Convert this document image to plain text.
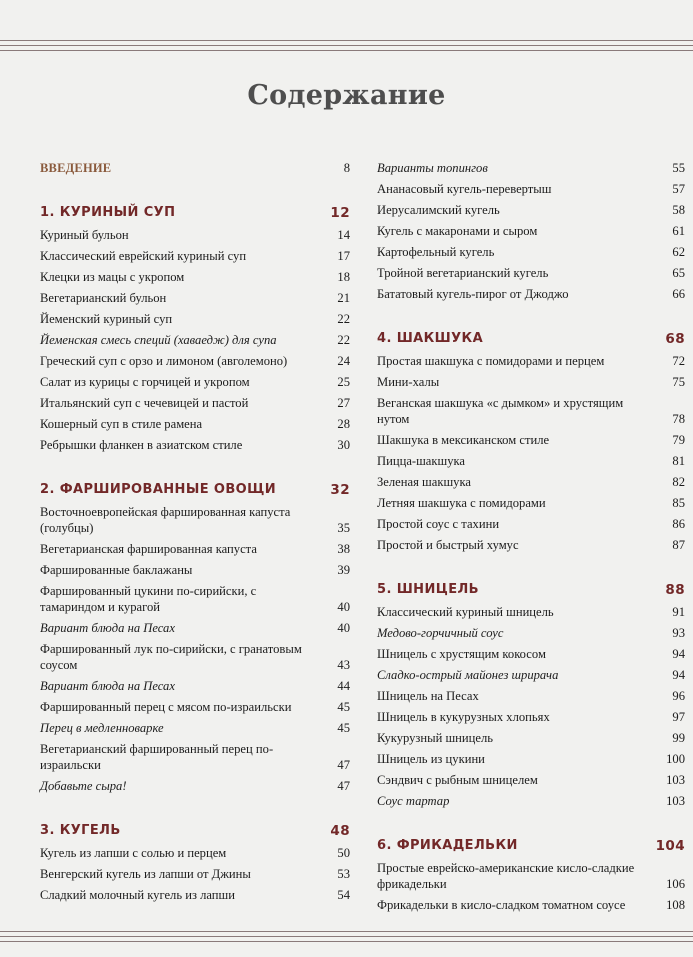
Содержание
ВВЕДЕНИЕ	8
1. КУРИНЫЙ СУП	12
Куриный бульон	14
Классический еврейский куриный суп	17
Клецки из мацы с укропом	18
Вегетарианский бульон	21
Йеменский куриный суп	22
Йеменская смесь специй (хаваедж) для супа	22
Греческий суп с орзо и лимоном (авголемоно)	24
Салат из курицы с горчицей и укропом	25
Итальянский суп с чечевицей и пастой	27
Кошерный суп в стиле рамена	28
Ребрышки фланкен в азиатском стиле	30
2. ФАРШИРОВАННЫЕ ОВОЩИ	32
Восточноевропейская фаршированная капуста (голубцы)	35
Вегетарианская фаршированная капуста	38
Фаршированные баклажаны	39
Фаршированный цукини по-сирийски, с тамариндом и курагой	40
Вариант блюда на Песах	40
Фаршированный лук по-сирийски, с гранатовым соусом	43
Вариант блюда на Песах	44
Фаршированный перец с мясом по-израильски	45
Перец в медленноварке	45
Вегетарианский фаршированный перец по-израильски	47
Добавьте сыра!	47
3. КУГЕЛЬ	48
Кугель из лапши с солью и перцем	50
Венгерский кугель из лапши от Джины	53
Сладкий молочный кугель из лапши	54
Варианты топингов	55
Ананасовый кугель-перевертыш	57
Иерусалимский кугель	58
Кугель с макаронами и сыром	61
Картофельный кугель	62
Тройной вегетарианский кугель	65
Бататовый кугель-пирог от Джоджо	66
4. ШАКШУКА	68
Простая шакшука с помидорами и перцем	72
Мини-халы	75
Веганская шакшука «с дымком» и хрустящим нутом	78
Шакшука в мексиканском стиле	79
Пицца-шакшука	81
Зеленая шакшука	82
Летняя шакшука с помидорами	85
Простой соус с тахини	86
Простой и быстрый хумус	87
5. ШНИЦЕЛЬ	88
Классический куриный шницель	91
Медово-горчичный соус	93
Шницель с хрустящим кокосом	94
Сладко-острый майонез шрирача	94
Шницель на Песах	96
Шницель в кукурузных хлопьях	97
Кукурузный шницель	99
Шницель из цукини	100
Сэндвич с рыбным шницелем	103
Соус тартар	103
6. ФРИКАДЕЛЬКИ	104
Простые еврейско-американские кисло-сладкие фрикадельки	106
Фрикадельки в кисло-сладком томатном соусе	108
